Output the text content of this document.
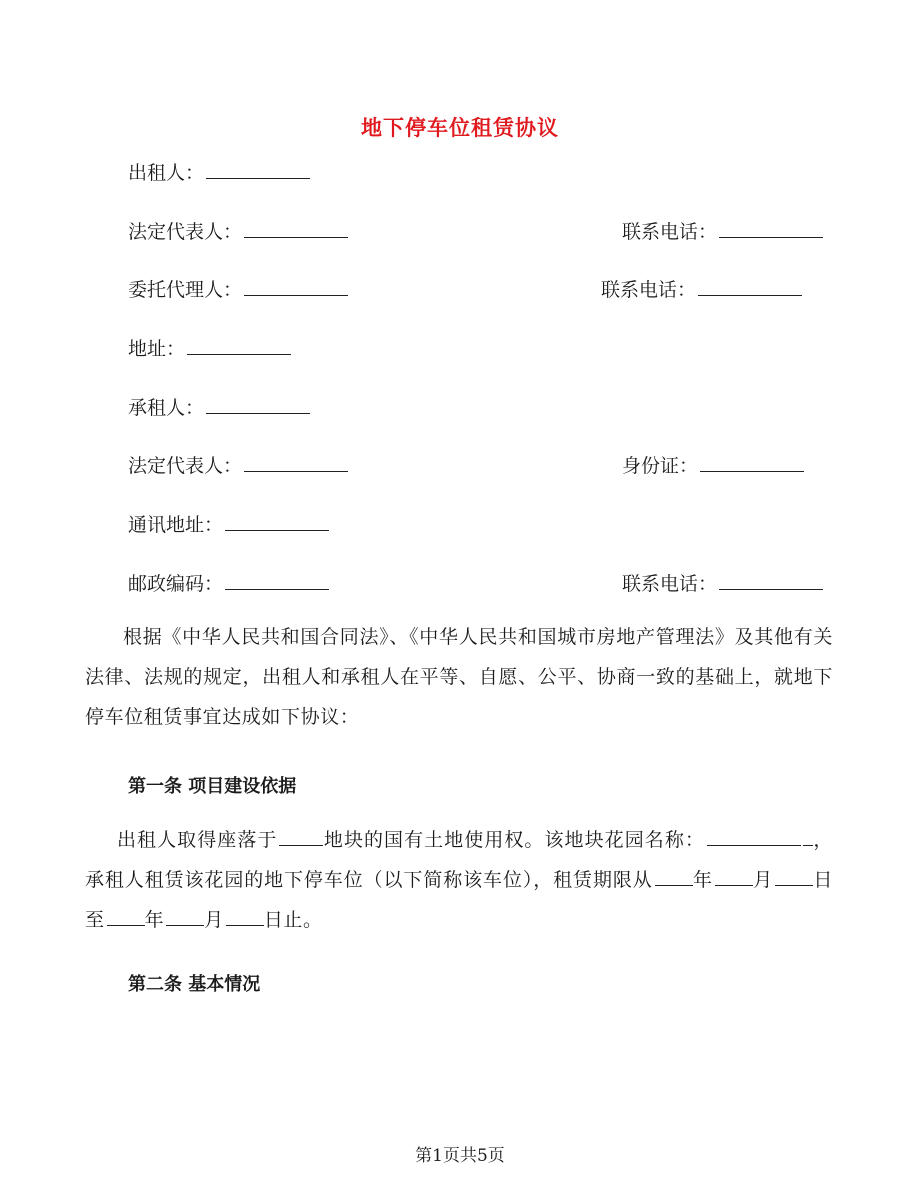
地下停车位租赁协议
出租人：
法定代表人：	联系电话：
委托代理人：	联系电话：
地址：
承租人：
法定代表人：	身份证：
通讯地址：
邮政编码：	联系电话：
根据《中华人民共和国合同法》、《中华人民共和国城市房地产管理法》及其他有关法律、法规的规定，出租人和承租人在平等、自愿、公平、协商一致的基础上，就地下停车位租赁事宜达成如下协议：
第一条 项目建设依据
出租人取得座落于 地块的国有土地使用权。该地块花园名称：	，承租人租赁该花园的地下停车位（以下简称该车位），租赁期限从 年 月 日至 年 月 日止。
第二条 基本情况
第1页共5页
